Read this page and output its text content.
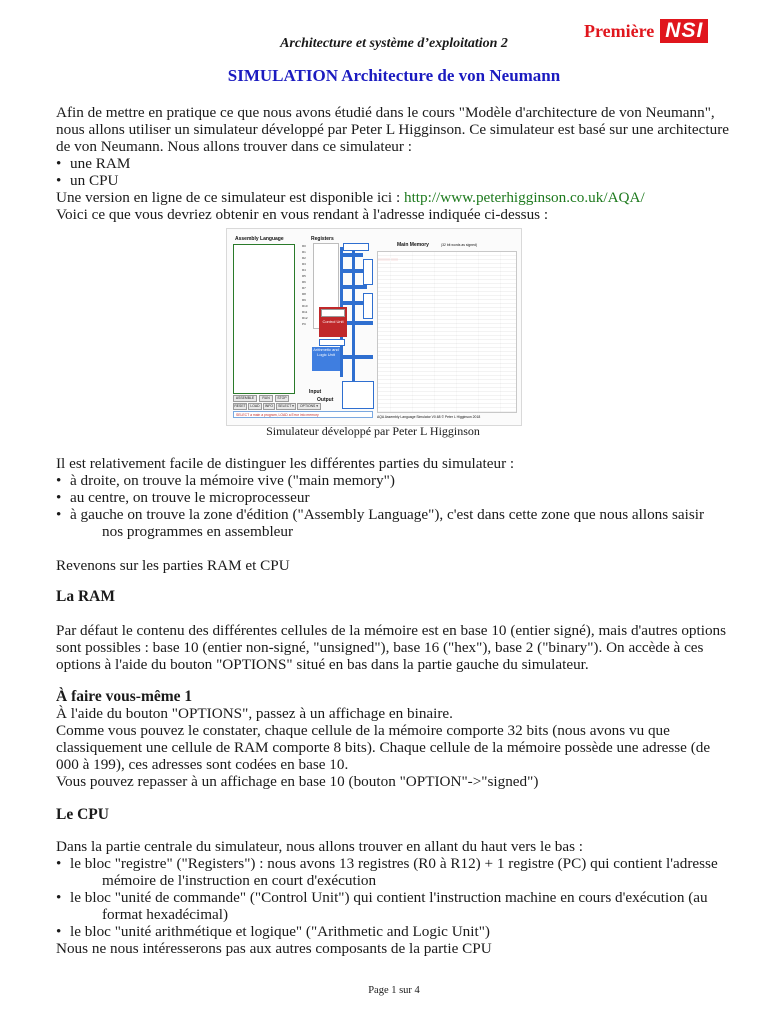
Architecture et système d’exploitation 2
Première NSI
SIMULATION Architecture de von Neumann
Afin de mettre en pratique ce que nous avons étudié dans le cours "Modèle d'architecture de von Neumann", nous allons utiliser un simulateur développé par Peter L Higginson. Ce simulateur est basé sur une architecture de von Neumann. Nous allons trouver dans ce simulateur :
• une RAM
• un CPU
Une version en ligne de ce simulateur est disponible ici : http://www.peterhigginson.co.uk/AQA/
Voici ce que vous devriez obtenir en vous rendant à l'adresse indiquée ci-dessus :
Assembly Language	Registers
R0
R1
R2
R3
R4
R5
R6
R7
R8
R9
R10
R11
R12
PC	Control Unit
Arithmetic and Logic Unit
Input
Output
Main Memory	(32 bit words as signed)
ASSEMBLE	RUN	STOP
RESET	LOAD	INFO	SELECT ▾	OPTIONS ▾
SELECT a main a program, LOAD a Error into memory	AQA Assembly Language Simulator V0.68 © Peter L Higginson 2018
Simulateur développé par Peter L Higginson
Il est relativement facile de distinguer les différentes parties du simulateur :
• à droite, on trouve la mémoire vive ("main memory")
• au centre, on trouve le microprocesseur
• à gauche on trouve la zone d'édition ("Assembly Language"), c'est dans cette zone que nous allons saisir
nos programmes en assembleur
Revenons sur les parties RAM et CPU
La RAM
Par défaut le contenu des différentes cellules de la mémoire est en base 10 (entier signé), mais d'autres options sont possibles : base 10 (entier non-signé, "unsigned"), base 16 ("hex"), base 2 ("binary"). On accède à ces options à l'aide du bouton "OPTIONS" situé en bas dans la partie gauche du simulateur.
À faire vous-même 1
À l'aide du bouton "OPTIONS", passez à un affichage en binaire.
Comme vous pouvez le constater, chaque cellule de la mémoire comporte 32 bits (nous avons vu que classiquement une cellule de RAM comporte 8 bits). Chaque cellule de la mémoire possède une adresse (de 000 à 199), ces adresses sont codées en base 10.
Vous pouvez repasser à un affichage en base 10 (bouton "OPTION"->"signed")
Le CPU
Dans la partie centrale du simulateur, nous allons trouver en allant du haut vers le bas :
• le bloc "registre" ("Registers") : nous avons 13 registres (R0 à R12) + 1 registre (PC) qui contient l'adresse
mémoire de l'instruction en court d'exécution
• le bloc "unité de commande" ("Control Unit") qui contient l'instruction machine en cours d'exécution (au
format hexadécimal)
• le bloc "unité arithmétique et logique" ("Arithmetic and Logic Unit")
Nous ne nous intéresserons pas aux autres composants de la partie CPU
Page 1 sur 4
